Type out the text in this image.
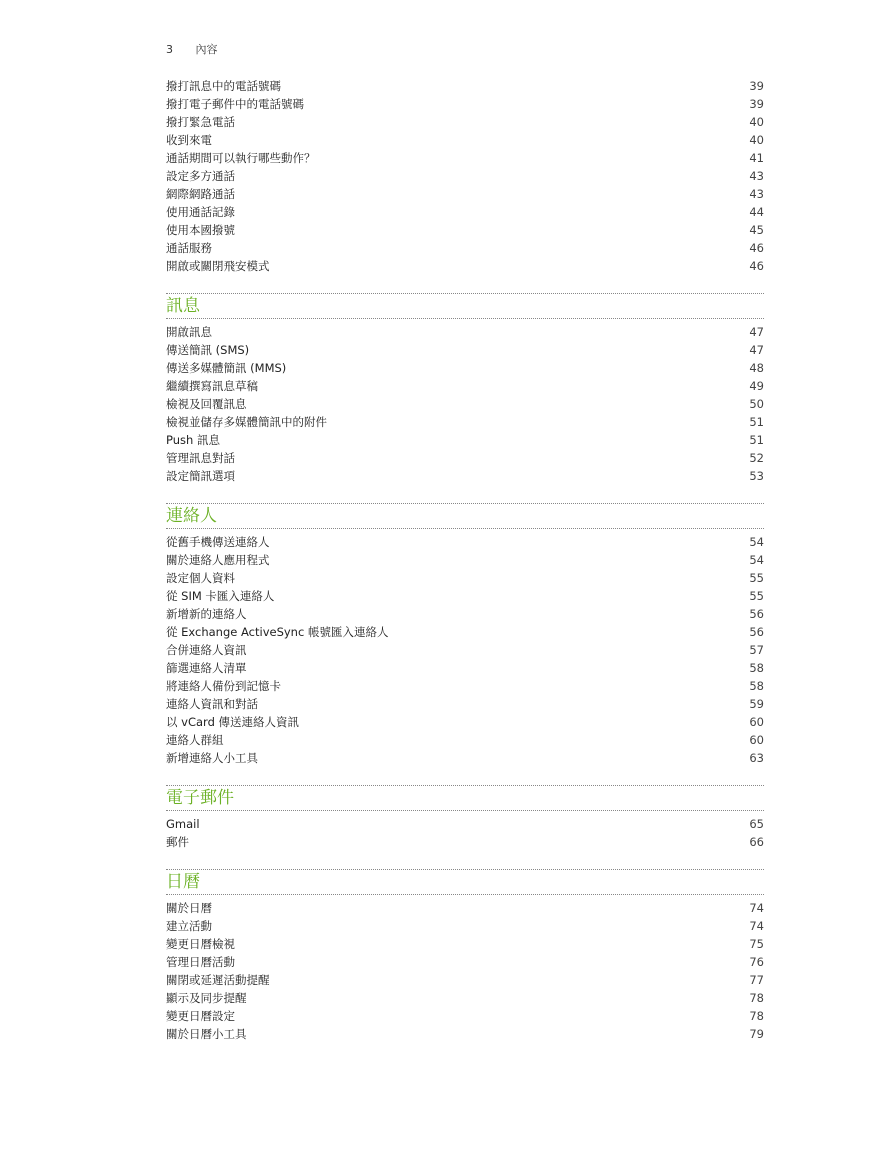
3 內容
撥打訊息中的電話號碼	39
撥打電子郵件中的電話號碼	39
撥打緊急電話	40
收到來電	40
通話期間可以執行哪些動作？	41
設定多方通話	43
網際網路通話	43
使用通話記錄	44
使用本國撥號	45
通話服務	46
開啟或關閉飛安模式	46
訊息
開啟訊息	47
傳送簡訊 (SMS)	47
傳送多媒體簡訊 (MMS)	48
繼續撰寫訊息草稿	49
檢視及回覆訊息	50
檢視並儲存多媒體簡訊中的附件	51
Push 訊息	51
管理訊息對話	52
設定簡訊選項	53
連絡人
從舊手機傳送連絡人	54
關於連絡人應用程式	54
設定個人資料	55
從 SIM 卡匯入連絡人	55
新增新的連絡人	56
從 Exchange ActiveSync 帳號匯入連絡人	56
合併連絡人資訊	57
篩選連絡人清單	58
將連絡人備份到記憶卡	58
連絡人資訊和對話	59
以 vCard 傳送連絡人資訊	60
連絡人群組	60
新增連絡人小工具	63
電子郵件
Gmail	65
郵件	66
日曆
關於日曆	74
建立活動	74
變更日曆檢視	75
管理日曆活動	76
關閉或延遲活動提醒	77
顯示及同步提醒	78
變更日曆設定	78
關於日曆小工具	79
